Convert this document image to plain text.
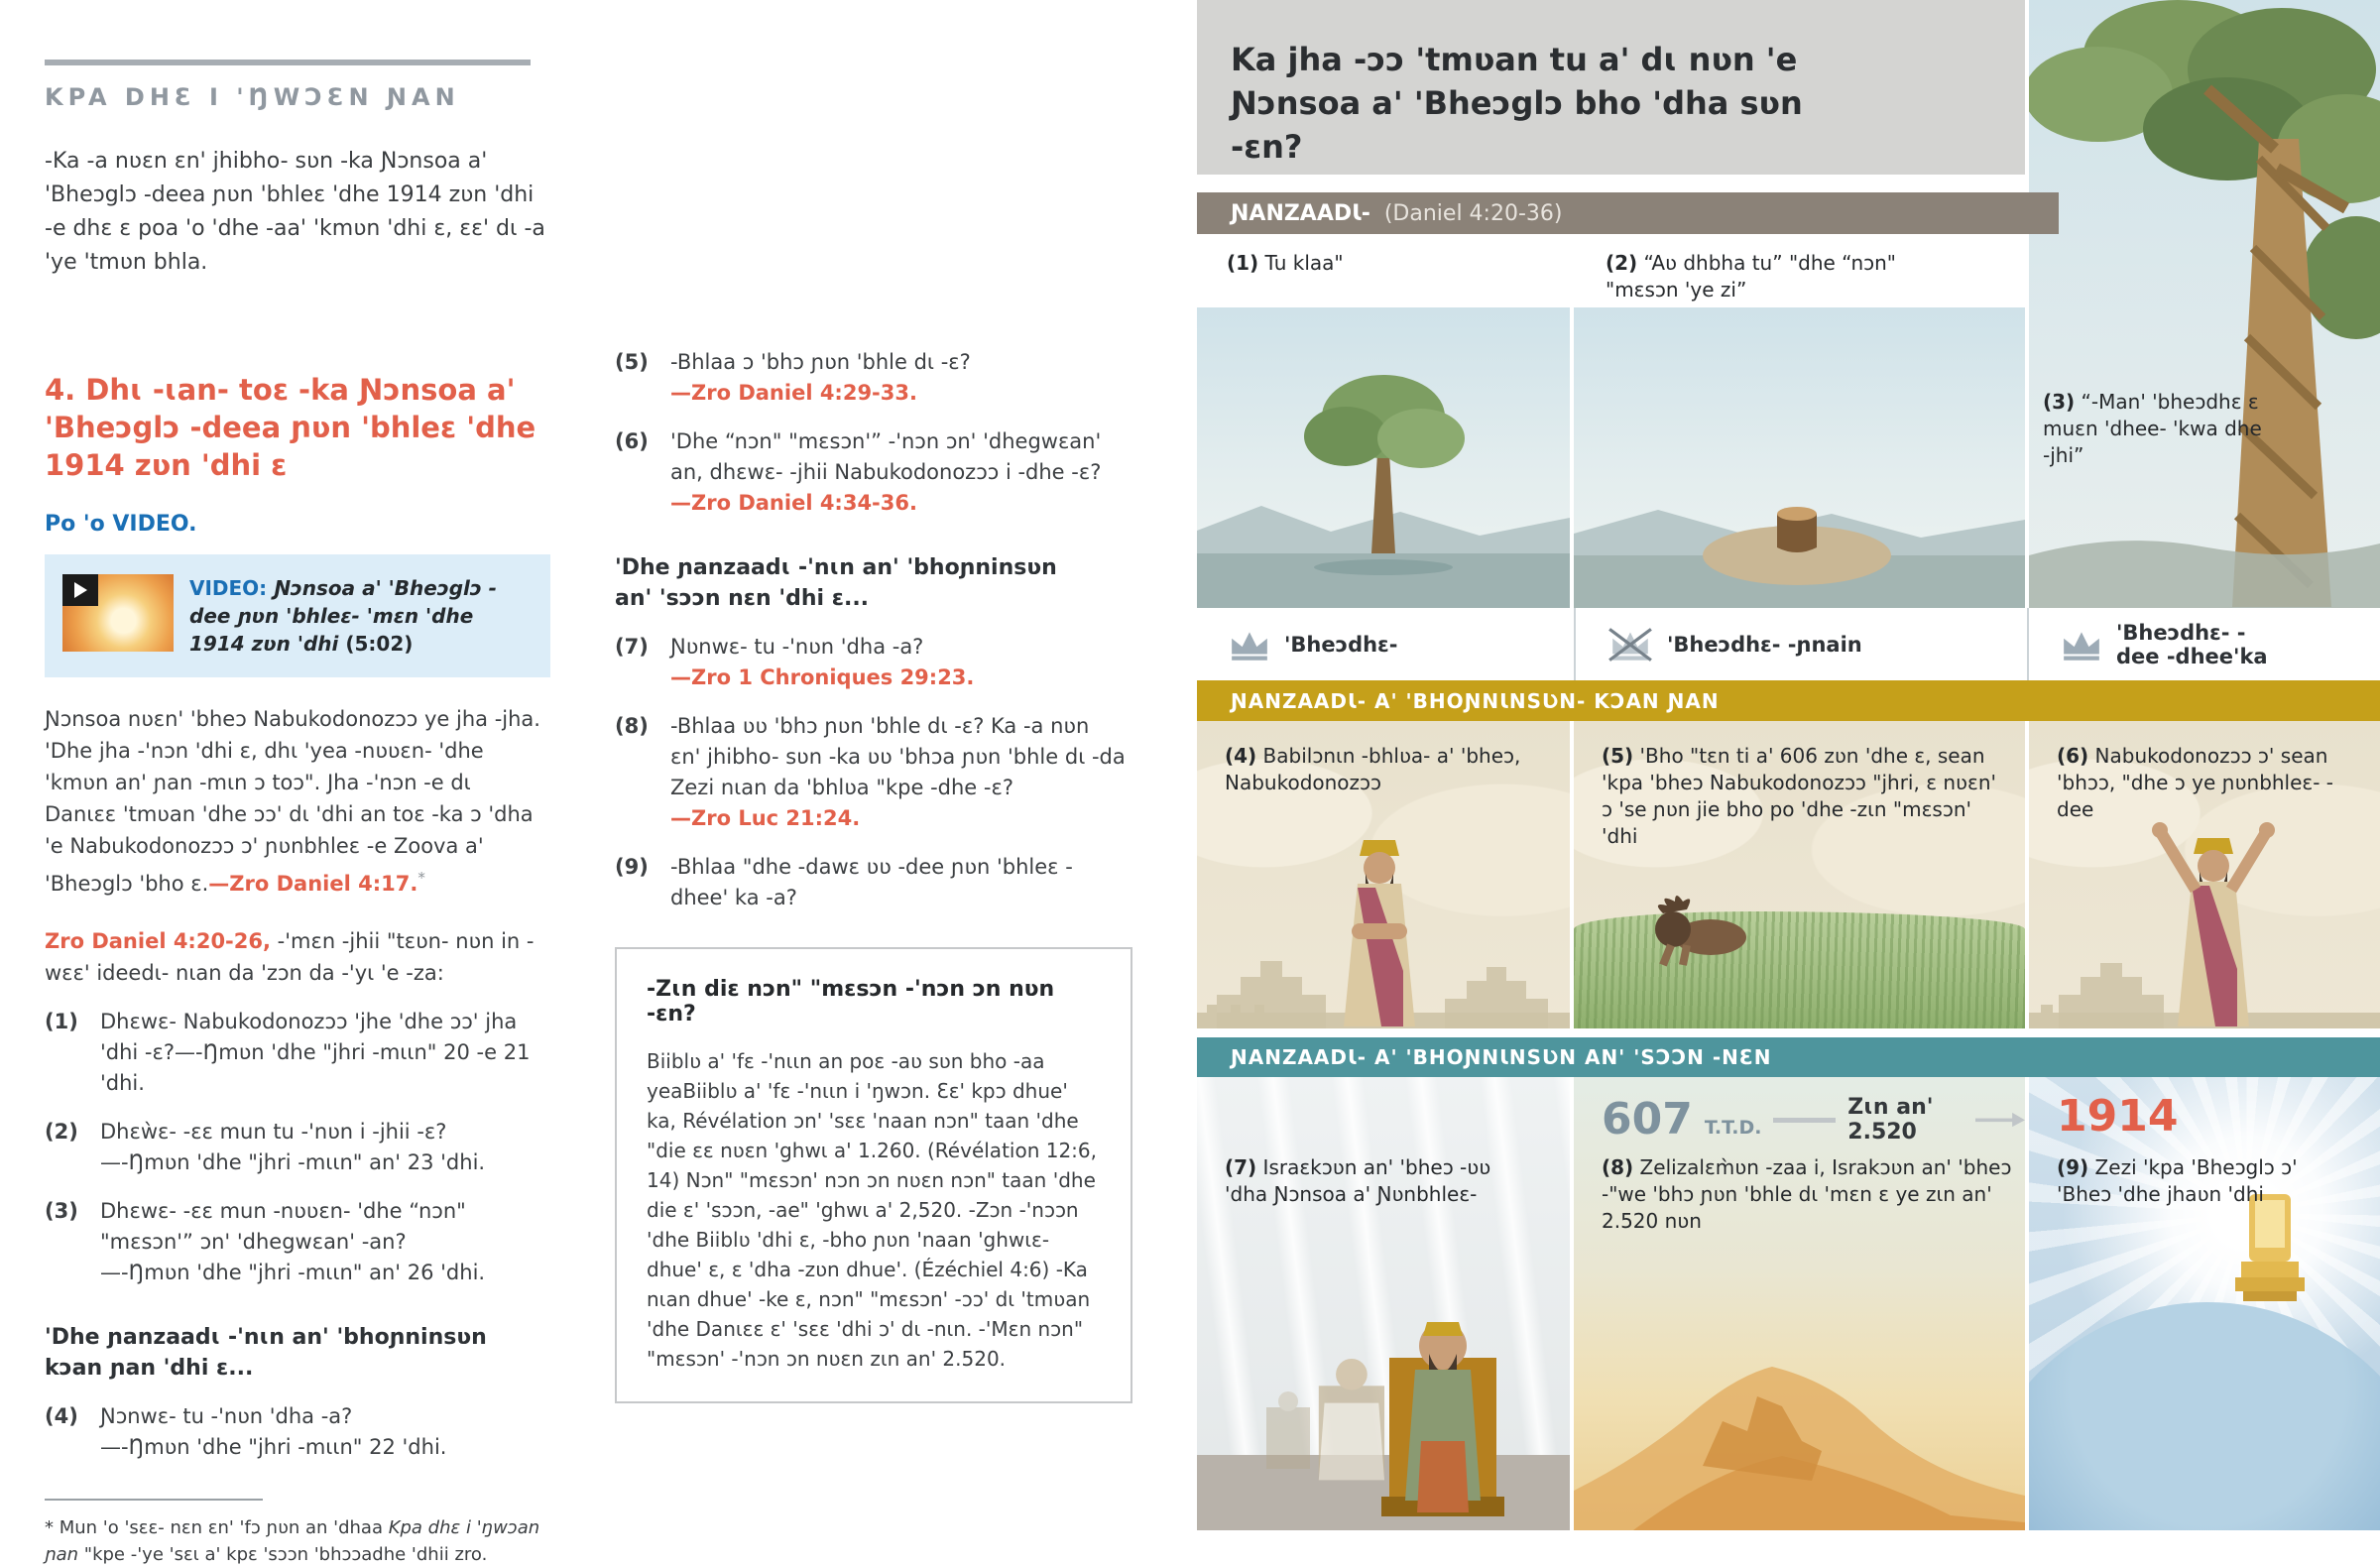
KPA DHƐ I 'ŊWƆƐN ƝAN
-Ka -a nʋɛn ɛn' jhibho- sʋn -ka Ɲɔnsoa a' 'Bheɔglɔ -deea ɲʋn 'bhleɛ 'dhe 1914 zʋn 'dhi -e dhɛ ɛ poa 'o 'dhe -aa' 'kmʋn 'dhi ɛ, ɛɛ' dɩ -a 'ye 'tmʋn bhla.
4. Dhɩ -ɩan- toɛ -ka Ɲɔnsoa a' 'Bheɔglɔ -deea ɲʋn 'bhleɛ 'dhe 1914 zʋn 'dhi ɛ
Po 'o VIDEO.
VIDEO: Ɲɔnsoa a' 'Bheɔglɔ -dee ɲʋn 'bhleɛ- 'mɛn 'dhe 1914 zʋn 'dhi (5:02)
Ɲɔnsoa nʋɛn' 'bheɔ Nabukodonozɔɔ ye jha -jha. 'Dhe jha -'nɔn 'dhi ɛ, dhɩ 'yea -nʋʋɛn- 'dhe 'kmʋn an' ɲan -mɩn ɔ toɔ". Jha -'nɔn -e dɩ Danɩɛɛ 'tmʋan 'dhe ɔɔ' dɩ 'dhi an toɛ -ka ɔ 'dha 'e Nabukodonozɔɔ ɔ' ɲʋnbhleɛ -e Zoova a' 'Bheɔglɔ 'bho ɛ.—Zro Daniel 4:17.*
Zro Daniel 4:20-26, -'mɛn -jhii "tɛʋn- nʋn in -wɛɛ' ideedɩ- nɩan da 'zɔn da -'yɩ 'e -za:
(1)	Dhɛwɛ- Nabukodonozɔɔ 'jhe 'dhe ɔɔ' jha 'dhi -ɛ?—-Ŋmʋn 'dhe "jhri -mɩɩn" 20 -e 21 'dhi.
(2)	Dhɛẁɛ- -ɛɛ mun tu -'nʋn i -jhii -ɛ?
—-Ŋmʋn 'dhe "jhri -mɩɩn" an' 23 'dhi.
(3)	Dhɛwɛ- -ɛɛ mun -nʋʋɛn- 'dhe “nɔn" "mɛsɔn'” ɔn' 'dhegwɛan' -an?
—-Ŋmʋn 'dhe "jhri -mɩɩn" an' 26 'dhi.
'Dhe ɲanzaadɩ -'nɩn an' 'bhoɲninsʋn kɔan ɲan 'dhi ɛ...
(4)	Ɲɔnwɛ- tu -'nʋn 'dha -a?
—-Ŋmʋn 'dhe "jhri -mɩɩn" 22 'dhi.
* Mun 'o 'sɛɛ- nɛn ɛn' 'fɔ ɲʋn an 'dhaa Kpa dhɛ i 'ŋwɔan ɲan "kpe -'ye 'sɛɩ a' kpɛ 'sɔɔn 'bhɔɔadhe 'dhii zro.
(5)	-Bhlaa ɔ 'bhɔ ɲʋn 'bhle dɩ -ɛ?
—Zro Daniel 4:29-33.
(6)	'Dhe “nɔn" "mɛsɔn'” -'nɔn ɔn' 'dhegwɛan' an, dhɛwɛ- -jhii Nabukodonozɔɔ i -dhe -ɛ?
—Zro Daniel 4:34-36.
'Dhe ɲanzaadɩ -'nɩn an' 'bhoɲninsʋn an' 'sɔɔn nɛn 'dhi ɛ...
(7)	Ɲʋnwɛ- tu -'nʋn 'dha -a?
—Zro 1 Chroniques 29:23.
(8)	-Bhlaa ʋʋ 'bhɔ ɲʋn 'bhle dɩ -ɛ? Ka -a nʋn ɛn' jhibho- sʋn -ka ʋʋ 'bhɔa ɲʋn 'bhle dɩ -da Zezi nɩan da 'bhlʋa "kpe -dhe -ɛ?
—Zro Luc 21:24.
(9)	-Bhlaa "dhe -dawɛ ʋʋ -dee ɲʋn 'bhleɛ -dhee' ka -a?
-Zɩn diɛ nɔn" "mɛsɔn -'nɔn ɔn nʋn -ɛn?
Biiblʋ a' 'fɛ -'nɩɩn an poɛ -aʋ sʋn bho -aa yeaBiiblʋ a' 'fɛ -'nɩɩn i 'ŋwɔn. Ɛɛ' kpɔ dhue' ka, Révélation ɔn' 'sɛɛ 'naan nɔn" taan 'dhe "die ɛɛ nʋɛn 'ghwɩ a' 1.260. (Révélation 12:6, 14) Nɔn" "mɛsɔn' nɔn ɔn nʋɛn nɔn" taan 'dhe die ɛ' 'sɔɔn, -ae" 'ghwɩ a' 2,520. -Zɔn -'nɔɔn 'dhe Biiblʋ 'dhi ɛ, -bho ɲʋn 'naan 'ghwɩɛ-dhue' ɛ, ɛ 'dha -zʋn dhue'. (Ézéchiel 4:6) -Ka nɩan dhue' -ke ɛ, nɔn" "mɛsɔn' -ɔɔ' dɩ 'tmʋan 'dhe Danɩɛɛ ɛ' 'sɛɛ 'dhi ɔ' dɩ -nɩn. -'Mɛn nɔn" "mɛsɔn' -'nɔn ɔn nʋɛn zɩn an' 2.520.
Ka jha -ɔɔ 'tmʋan tu a' dɩ nʋn 'e Ɲɔnsoa a' 'Bheɔglɔ bho 'dha sʋn -ɛn?
(3) “-Man' 'bheɔdhɛ ɛ muɛn 'dhee- 'kwa dhe -jhi”
ƝANZAADƖ- (Daniel 4:20-36)
(1) Tu klaa"	(2) “Aʋ dhbha tu” "dhe “nɔn" "mɛsɔn 'ye zi”
'Bheɔdhɛ-	'Bheɔdhɛ- -ɲnain	'Bheɔdhɛ- -dee -dhee'ka
ƝANZAADƖ- A' 'BHOƝNƖNSƲN- KƆAN ƝAN
(4) Babilɔnɩn -bhlʋa- a' 'bheɔ, Nabukodonozɔɔ
(5) 'Bho "tɛn ti a' 606 zʋn 'dhe ɛ, sean 'kpa 'bheɔ Nabukodonozɔɔ "jhri, ɛ nʋɛn' ɔ 'se ɲʋn jie bho po 'dhe -zɩn "mɛsɔn' 'dhi
(6) Nabukodonozɔɔ ɔ' sean 'bhɔɔ, "dhe ɔ ye ɲʋnbhleɛ- -dee
ƝANZAADƖ- A' 'BHOƝNƖNSƲN AN' 'SƆƆN -NƐN
(7) Israɛkɔʋn an' 'bheɔ -ʋʋ 'dha Ɲɔnsoa a' Ɲʋnbhleɛ-
607 T.T.D.
Zɩn an' 2.520
(8) Zelizalɛm̀ʋn -zaa i, Israkɔʋn an' 'bheɔ -"we 'bhɔ ɲʋn 'bhle dɩ 'mɛn ɛ ye zɩn an' 2.520 nʋn
1914
(9) Zezi 'kpa 'Bheɔglɔ ɔ' 'Bheɔ 'dhe jhaʋn 'dhi
